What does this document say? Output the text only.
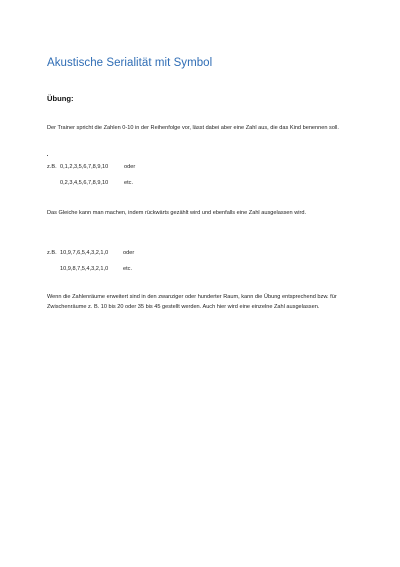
Akustische Serialität mit Symbol
Übung:
Der Trainer spricht die Zahlen 0-10 in der Reihenfolge vor, lässt dabei aber eine Zahl aus, die das Kind benennen soll.
z.B. 0,1,2,3,5,6,7,8,9,10	oder
0,2,3,4,5,6,7,8,9,10	etc.
Das Gleiche kann man machen, indem rückwärts gezählt wird und ebenfalls eine Zahl ausgelassen wird.
z.B. 10,9,7,6,5,4,3,2,1,0	oder
10,9,8,7,5,4,3,2,1,0	etc.
Wenn die Zahlenräume erweitert sind in den zwanziger oder hunderter Raum, kann die Übung entsprechend bzw. für Zwischenräume z. B. 10 bis 20 oder 35 bis 45 gestellt werden. Auch hier wird eine einzelne Zahl ausgelassen.
